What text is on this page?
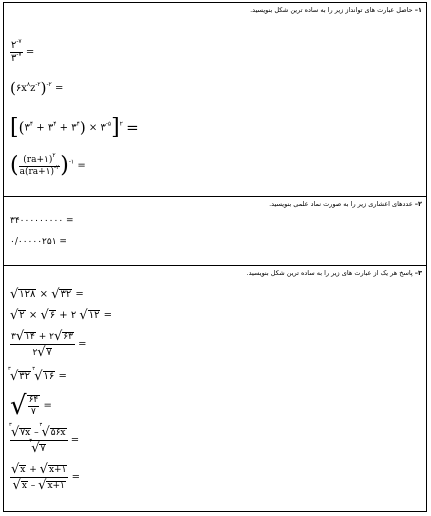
۱– حاصل عبارت های توانداز زیر را به ساده ترین شکل بنویسید.
$\frac{۲^{-۷}}{۳^{-۷}}$ =
$(۶x^۸z^{-۲})^{-۲}$ =
[($۳^۴$ + $۳^۴$ + $۳^۴$) × $۳^{-۵}]^۲$ =
( $\frac{(ra+۱)^۲}{a(ra+۱)^{-۲}} )^{-۱}$ =
۲– عددهای اعشاری زیر را به صورت نماد علمی بنویسید.
۳۴۰۰۰۰۰۰۰۰۰ =
۰/۰۰۰۰۰۲۵۱ =
۳– پاسخ هر یک از عبارت های زیر را به ساده ترین شکل بنویسید.
√۱۲۸ × √۳۲ =
√۲ × √۶ + ۲ √۱۲ =
$\frac{۳√۱۴ + ۲√۶۳}{۲√۷}$ =
۳ √۳۲
۳ √۱۶ =
√ $\frac{۶۴}{۷}$ =
۳ √۷x –
۳ √۵۶x
۳ √۷ =
$\frac{√x + √x+۱}{√x - √x+۱}$ =
